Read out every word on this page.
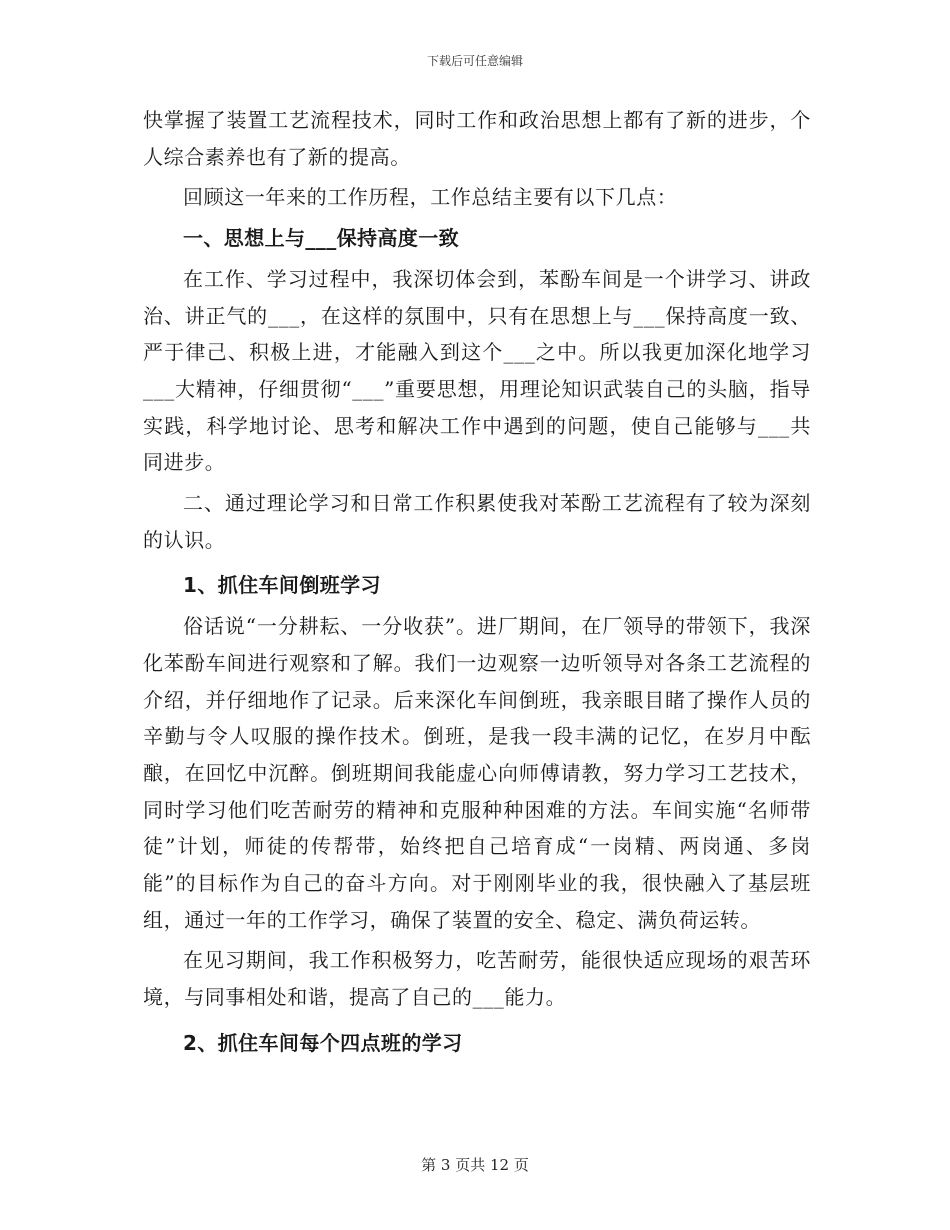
下载后可任意编辑

快掌握了装置工艺流程技术，同时工作和政治思想上都有了新的进步，个人综合素养也有了新的提高。

回顾这一年来的工作历程，工作总结主要有以下几点：

一、思想上与___保持高度一致

在工作、学习过程中，我深切体会到，苯酚车间是一个讲学习、讲政治、讲正气的___，在这样的氛围中，只有在思想上与___保持高度一致、严于律己、积极上进，才能融入到这个___之中。所以我更加深化地学习___大精神，仔细贯彻“___”重要思想，用理论知识武装自己的头脑，指导实践，科学地讨论、思考和解决工作中遇到的问题，使自己能够与___共同进步。

二、通过理论学习和日常工作积累使我对苯酚工艺流程有了较为深刻的认识。

1、抓住车间倒班学习

俗话说“一分耕耘、一分收获”。进厂期间，在厂领导的带领下，我深化苯酚车间进行观察和了解。我们一边观察一边听领导对各条工艺流程的介绍，并仔细地作了记录。后来深化车间倒班，我亲眼目睹了操作人员的辛勤与令人叹服的操作技术。倒班，是我一段丰满的记忆，在岁月中酝酿，在回忆中沉醉。倒班期间我能虚心向师傅请教，努力学习工艺技术，同时学习他们吃苦耐劳的精神和克服种种困难的方法。车间实施“名师带徒”计划，师徒的传帮带，始终把自己培育成“一岗精、两岗通、多岗能”的目标作为自己的奋斗方向。对于刚刚毕业的我，很快融入了基层班组，通过一年的工作学习，确保了装置的安全、稳定、满负荷运转。

在见习期间，我工作积极努力，吃苦耐劳，能很快适应现场的艰苦环境，与同事相处和谐，提高了自己的___能力。

2、抓住车间每个四点班的学习

第 3 页共 12 页
